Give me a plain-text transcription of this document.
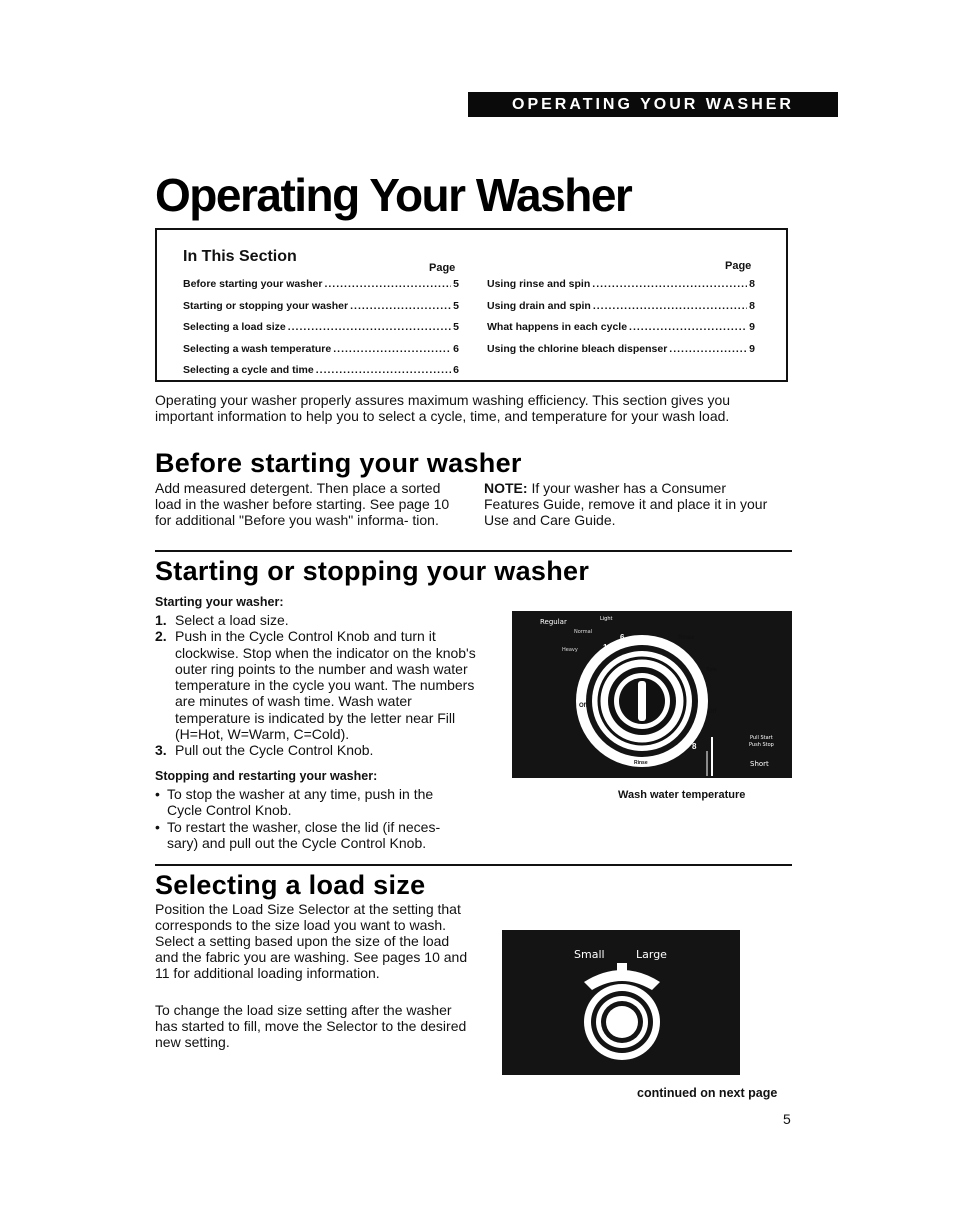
OPERATING YOUR WASHER
Operating Your Washer
In This Section
Page	Page
Before starting your washer .....	5
Starting or stopping your washer .....	5
Selecting a load size .....	5
Selecting a wash temperature .....	6
Selecting a cycle and time .....	6
Using rinse and spin .....	8
Using drain and spin .....	8
What happens in each cycle .....	9
Using the chlorine bleach dispenser .....	9
Operating your washer properly assures maximum washing efficiency. This section gives you important information to help you to select a cycle, time, and temperature for your wash load.
Before starting your washer
Add measured detergent. Then place a sorted load in the washer before starting. See page 10 for additional "Before you wash" informa- tion.
NOTE: If your washer has a Consumer Features Guide, remove it and place it in your Use and Care Guide.
Starting or stopping your washer
Starting your washer:
1. Select a load size.
2. Push in the Cycle Control Knob and turn it clockwise. Stop when the indicator on the knob's outer ring points to the number and wash water temperature in the cycle you want. The numbers are minutes of wash time. Wash water temperature is indicated by the letter near Fill (H=Hot, W=Warm, C=Cold).
3. Pull out the Cycle Control Knob.
Stopping and restarting your washer:
• To stop the washer at any time, push in the Cycle Control Knob.
• To restart the washer, close the lid (if neces- sary) and pull out the Cycle Control Knob.
Regular	Light
Normal
Heavy
6
10
14
Rinse
Spin
Off
Off
8
Rinse	Short
Pull Start
Push Stop
Wash water temperature
Selecting a load size
Position the Load Size Selector at the setting that corresponds to the size load you want to wash. Select a setting based upon the size of the load and the fabric you are washing. See pages 10 and 11 for additional loading information.
To change the load size setting after the washer has started to fill, move the Selector to the desired new setting.
Small	Large
continued on next page
5
